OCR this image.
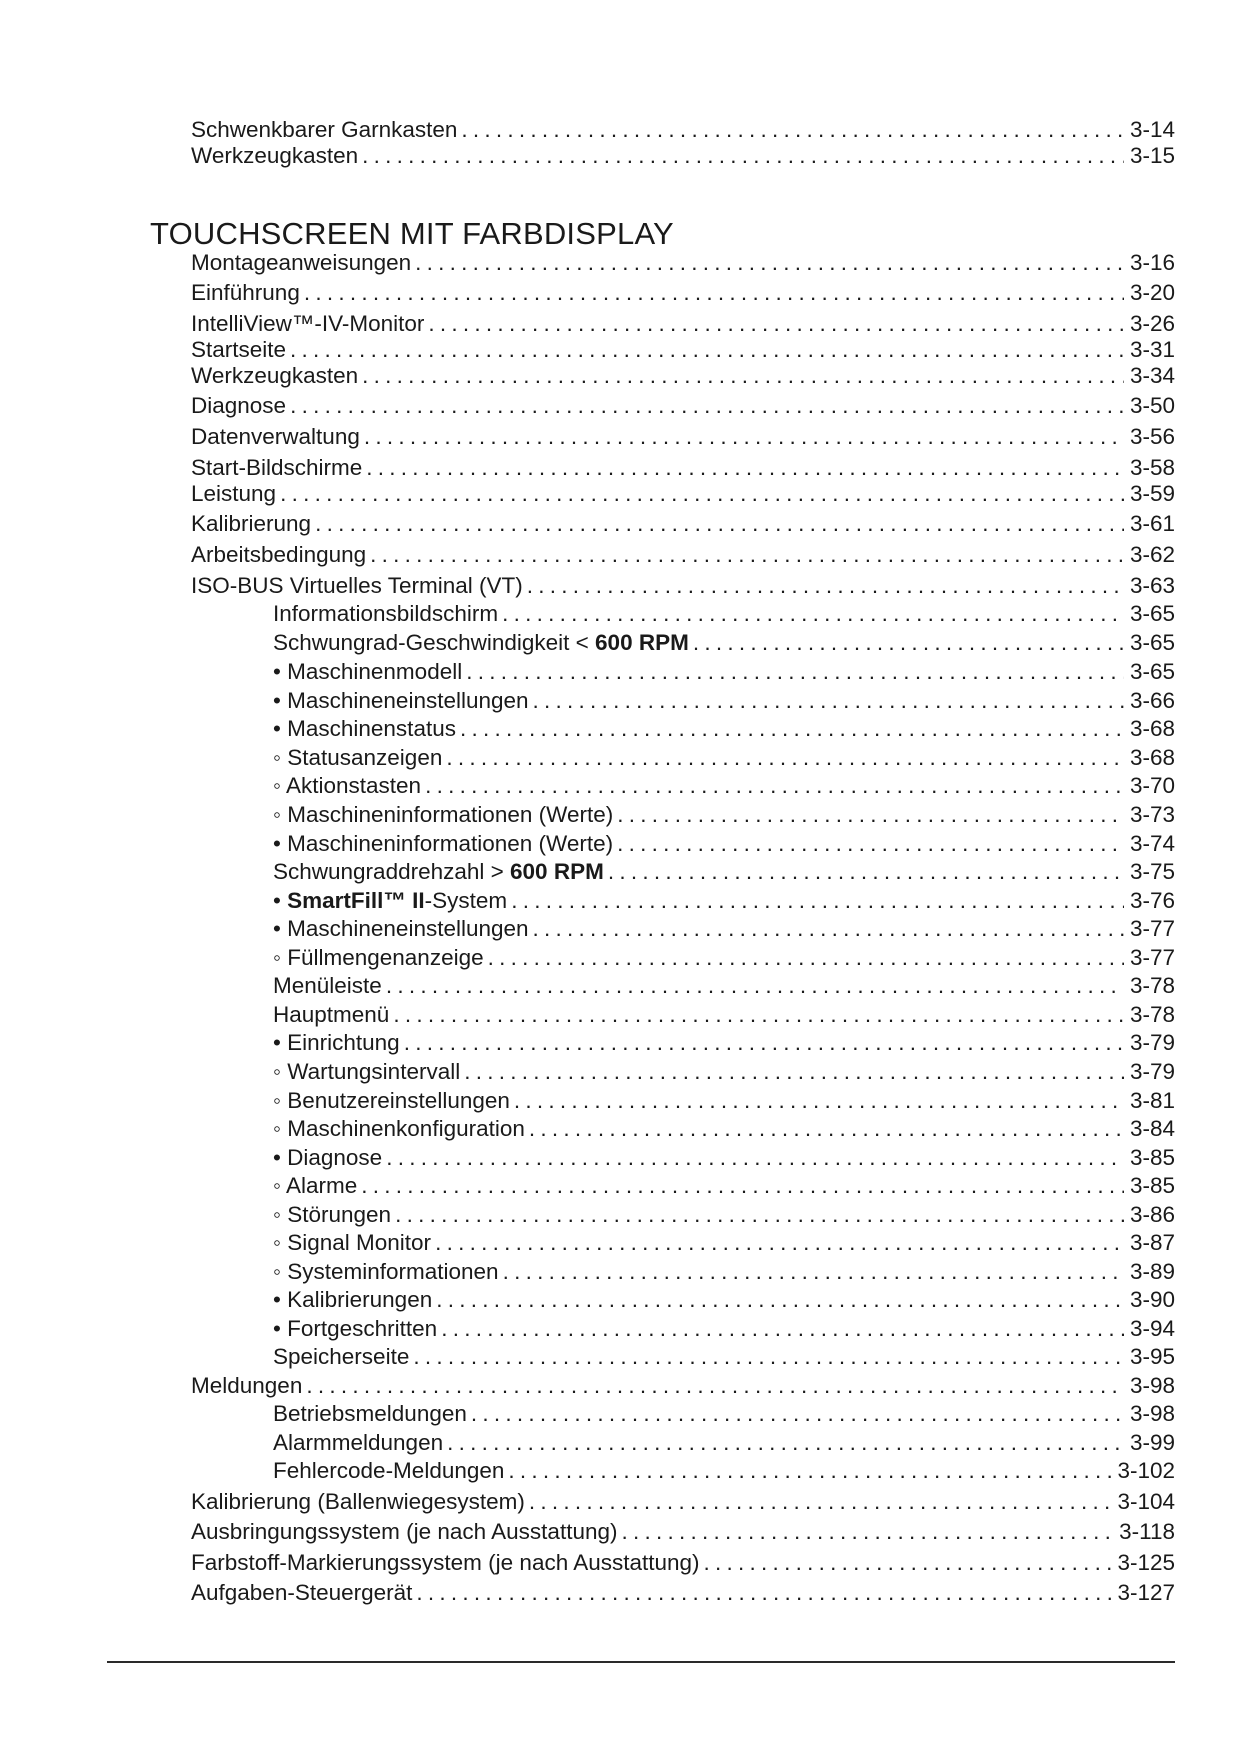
Schwenkbarer Garnkasten . . .	3-14
Werkzeugkasten . . .	3-15
TOUCHSCREEN MIT FARBDISPLAY
Montageanweisungen . . .	3-16
Einführung . . .	3-20
IntelliView™-IV-Monitor . . .	3-26
Startseite . . .	3-31
Werkzeugkasten . . .	3-34
Diagnose . . .	3-50
Datenverwaltung . . .	3-56
Start-Bildschirme . . .	3-58
Leistung . . .	3-59
Kalibrierung . . .	3-61
Arbeitsbedingung . . .	3-62
ISO-BUS Virtuelles Terminal (VT) . . .	3-63
Informationsbildschirm . . .	3-65
Schwungrad-Geschwindigkeit < 600 RPM . . .	3-65
• Maschinenmodell . . .	3-65
• Maschineneinstellungen . . .	3-66
• Maschinenstatus . . .	3-68
◦ Statusanzeigen . . .	3-68
◦ Aktionstasten . . .	3-70
◦ Maschineninformationen (Werte) . . .	3-73
• Maschineninformationen (Werte) . . .	3-74
Schwungraddrehzahl > 600 RPM . . .	3-75
• SmartFill™ II-System . . .	3-76
• Maschineneinstellungen . . .	3-77
◦ Füllmengenanzeige . . .	3-77
Menüleiste . . .	3-78
Hauptmenü . . .	3-78
• Einrichtung . . .	3-79
◦ Wartungsintervall . . .	3-79
◦ Benutzereinstellungen . . .	3-81
◦ Maschinenkonfiguration . . .	3-84
• Diagnose . . .	3-85
◦ Alarme . . .	3-85
◦ Störungen . . .	3-86
◦ Signal Monitor . . .	3-87
◦ Systeminformationen . . .	3-89
• Kalibrierungen . . .	3-90
• Fortgeschritten . . .	3-94
Speicherseite . . .	3-95
Meldungen . . .	3-98
Betriebsmeldungen . . .	3-98
Alarmmeldungen . . .	3-99
Fehlercode-Meldungen . . .	3-102
Kalibrierung (Ballenwiegesystem) . . .	3-104
Ausbringungssystem (je nach Ausstattung) . . .	3-118
Farbstoff-Markierungssystem (je nach Ausstattung) . . .	3-125
Aufgaben-Steuergerät . . .	3-127
